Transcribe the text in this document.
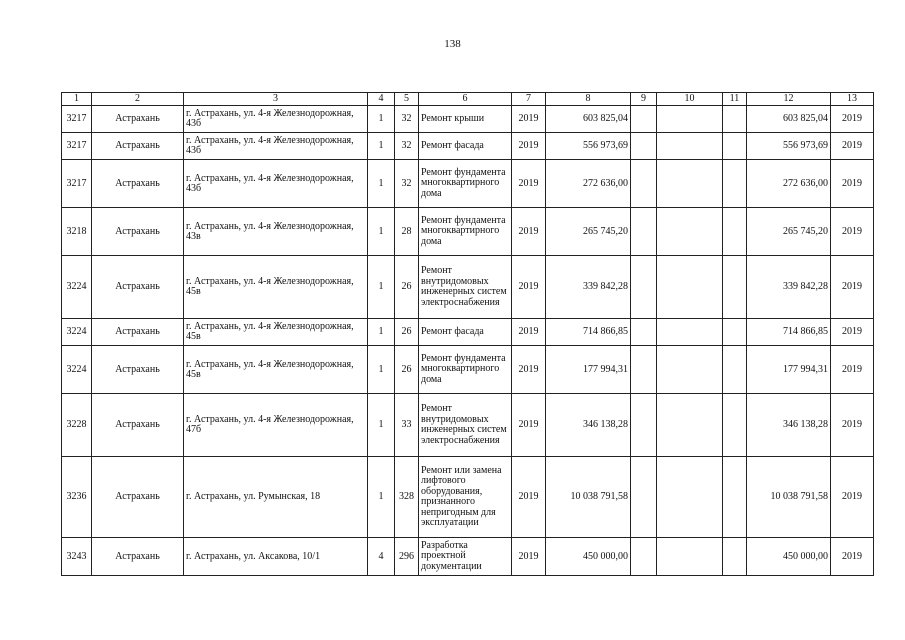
138
1	2	3	4	5	6	7	8	9	10	11	12	13
3217	Астрахань	г. Астрахань, ул. 4-я Железнодорожная, 43б	1	32	Ремонт крыши	2019	603 825,04				603 825,04	2019
3217	Астрахань	г. Астрахань, ул. 4-я Железнодорожная, 43б	1	32	Ремонт фасада	2019	556 973,69				556 973,69	2019
3217	Астрахань	г. Астрахань, ул. 4-я Железнодорожная, 43б	1	32	Ремонт фундамента многоквартирного дома	2019	272 636,00				272 636,00	2019
3218	Астрахань	г. Астрахань, ул. 4-я Железнодорожная, 43в	1	28	Ремонт фундамента многоквартирного дома	2019	265 745,20				265 745,20	2019
3224	Астрахань	г. Астрахань, ул. 4-я Железнодорожная, 45в	1	26	Ремонт внутридомовых инженерных систем электроснабжения	2019	339 842,28				339 842,28	2019
3224	Астрахань	г. Астрахань, ул. 4-я Железнодорожная, 45в	1	26	Ремонт фасада	2019	714 866,85				714 866,85	2019
3224	Астрахань	г. Астрахань, ул. 4-я Железнодорожная, 45в	1	26	Ремонт фундамента многоквартирного дома	2019	177 994,31				177 994,31	2019
3228	Астрахань	г. Астрахань, ул. 4-я Железнодорожная, 47б	1	33	Ремонт внутридомовых инженерных систем электроснабжения	2019	346 138,28				346 138,28	2019
3236	Астрахань	г. Астрахань, ул. Румынская, 18	1	328	Ремонт или замена лифтового оборудования, признанного непригодным для эксплуатации	2019	10 038 791,58				10 038 791,58	2019
3243	Астрахань	г. Астрахань, ул. Аксакова, 10/1	4	296	Разработка проектной документации	2019	450 000,00				450 000,00	2019
